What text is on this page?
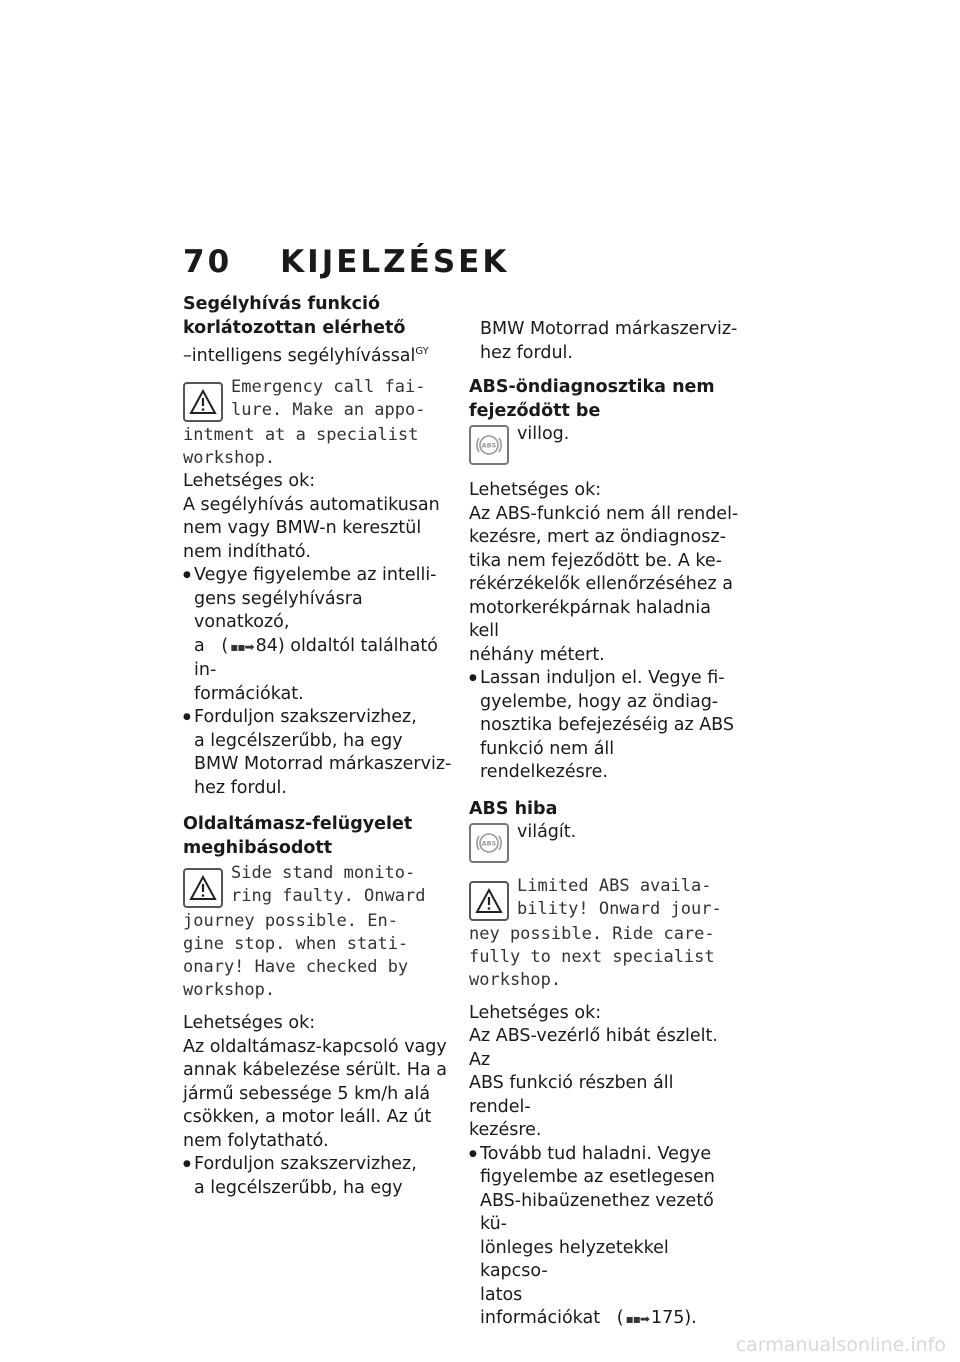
70 KIJELZÉSEK
Segélyhívás funkció
korlátozottan elérhető

–intelligens segélyhívással$^{GY}$

Emergency call fai-
lure. Make an appo-
intment at a specialist
workshop.

Lehetséges ok:

A segélyhívás automatikusan

nem vagy BMW-n keresztül

nem indítható.

● Vegye figyelembe az intelli-

gens segélyhívásra vonatkozó,

a   ( ▪▪➡ 84) oldaltól található in-

formációkat.

● Forduljon szakszervizhez,

a legcélszerűbb, ha egy

BMW Motorrad márkaszerviz-

hez fordul.

Oldaltámasz-felügyelet
meghibásodott
Side stand monito-
ring faulty. Onward
journey possible. En-
gine stop. when stati-
onary! Have checked by
workshop.

Lehetséges ok:

Az oldaltámasz-kapcsoló vagy

annak kábelezése sérült. Ha a

jármű sebessége 5 km/h alá

csökken, a motor leáll. Az út

nem folytatható.

● Forduljon szakszervizhez,

a legcélszerűbb, ha egy

BMW Motorrad márkaszerviz-

hez fordul.

ABS-öndiagnosztika nem
fejeződött be
ABS

villog.

Lehetséges ok:

Az ABS-funkció nem áll rendel-

kezésre, mert az öndiagnosz-

tika nem fejeződött be. A ke-

rékérzékelők ellenőrzéséhez a

motorkerékpárnak haladnia kell

néhány métert.

● Lassan induljon el. Vegye fi-

gyelembe, hogy az öndiag-

nosztika befejezéséig az ABS

funkció nem áll rendelkezésre.

ABS hiba
ABS

világít.

Limited ABS availa-
bility! Onward jour-
ney possible. Ride care-
fully to next specialist
workshop.

Lehetséges ok:

Az ABS-vezérlő hibát észlelt. Az

ABS funkció részben áll rendel-

kezésre.

● Tovább tud haladni. Vegye

figyelembe az esetlegesen

ABS-hibaüzenethez vezető kü-

lönleges helyzetekkel kapcso-

latos információkat   ( ▪▪➡ 175).

carmanualsonline.info
